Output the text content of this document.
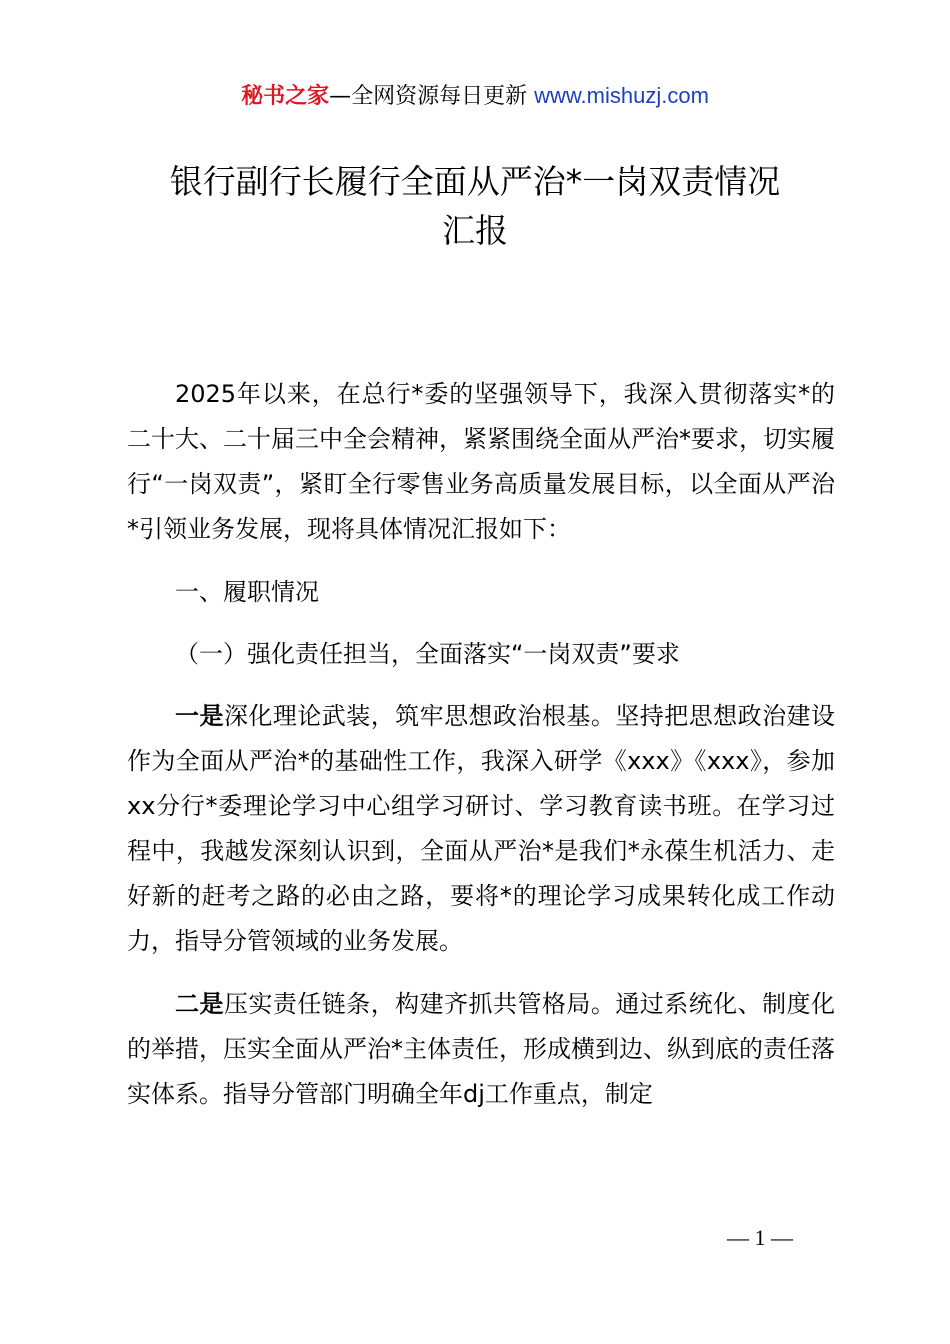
秘书之家—全网资源每日更新 www.mishuzj.com
银行副行长履行全面从严治*一岗双责情况
汇报

2025年以来，在总行*委的坚强领导下，我深入贯彻落实*的二十大、二十届三中全会精神，紧紧围绕全面从严治*要求，切实履行“一岗双责”，紧盯全行零售业务高质量发展目标，以全面从严治*引领业务发展，现将具体情况汇报如下：

一、履职情况

（一）强化责任担当，全面落实“一岗双责”要求

一是深化理论武装，筑牢思想政治根基。坚持把思想政治建设作为全面从严治*的基础性工作，我深入研学《xxx》《xxx》，参加xx分行*委理论学习中心组学习研讨、学习教育读书班。在学习过程中，我越发深刻认识到，全面从严治*是我们*永葆生机活力、走好新的赶考之路的必由之路，要将*的理论学习成果转化成工作动力，指导分管领域的业务发展。

二是压实责任链条，构建齐抓共管格局。通过系统化、制度化的举措，压实全面从严治*主体责任，形成横到边、纵到底的责任落实体系。指导分管部门明确全年dj工作重点，制定

— 1 —
